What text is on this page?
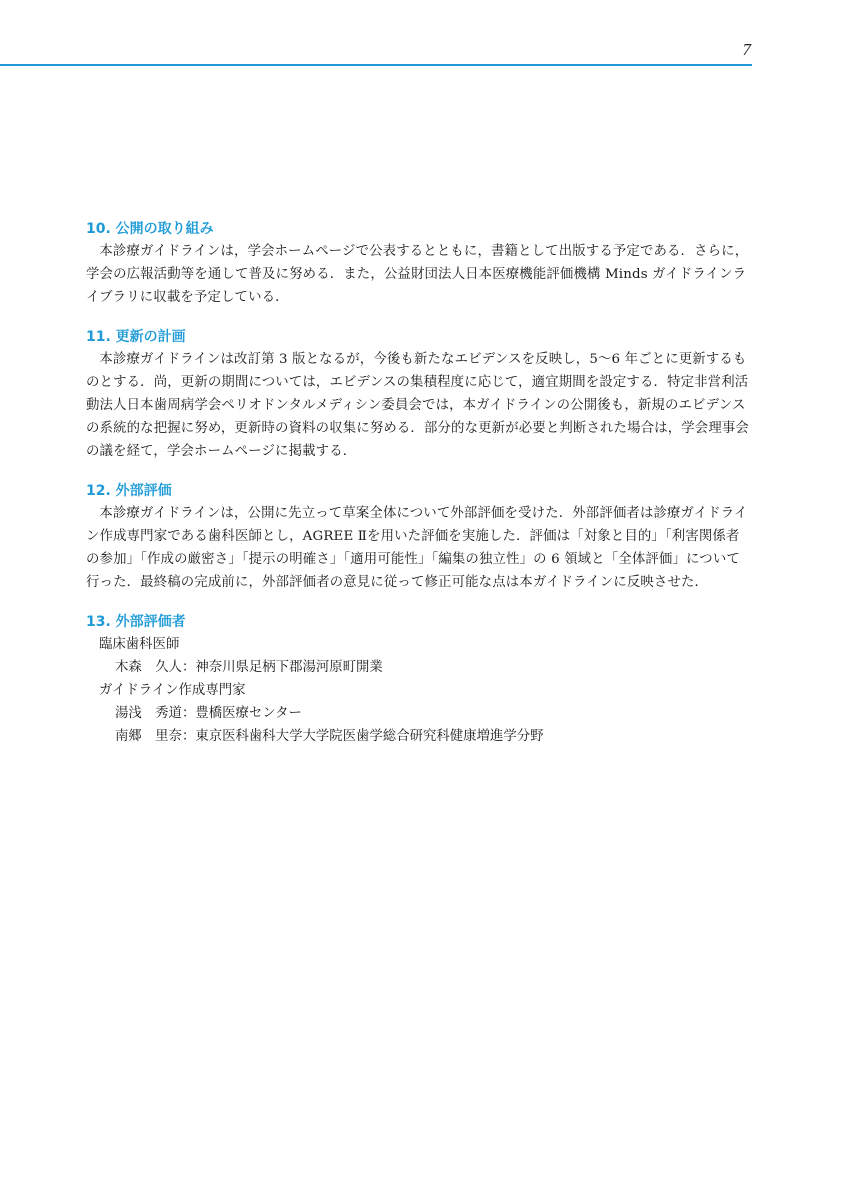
7
10. 公開の取り組み

本診療ガイドラインは，学会ホームページで公表するとともに，書籍として出版する予定である．さらに，学会の広報活動等を通して普及に努める．また，公益財団法人日本医療機能評価機構 Minds ガイドラインライブラリに収載を予定している．

11. 更新の計画

本診療ガイドラインは改訂第 3 版となるが，今後も新たなエビデンスを反映し，5〜6 年ごとに更新するものとする．尚，更新の期間については，エビデンスの集積程度に応じて，適宜期間を設定する．特定非営利活動法人日本歯周病学会ペリオドンタルメディシン委員会では，本ガイドラインの公開後も，新規のエビデンスの系統的な把握に努め，更新時の資料の収集に努める．部分的な更新が必要と判断された場合は，学会理事会の議を経て，学会ホームページに掲載する．

12. 外部評価

本診療ガイドラインは，公開に先立って草案全体について外部評価を受けた．外部評価者は診療ガイドライン作成専門家である歯科医師とし，AGREE Ⅱを用いた評価を実施した．評価は「対象と目的」「利害関係者の参加」「作成の厳密さ」「提示の明確さ」「適用可能性」「編集の独立性」の 6 領域と「全体評価」について行った．最終稿の完成前に，外部評価者の意見に従って修正可能な点は本ガイドラインに反映させた．

13. 外部評価者
臨床歯科医師
木森　久人：神奈川県足柄下郡湯河原町開業
ガイドライン作成専門家
湯浅　秀道：豊橋医療センター
南郷　里奈：東京医科歯科大学大学院医歯学総合研究科健康増進学分野
